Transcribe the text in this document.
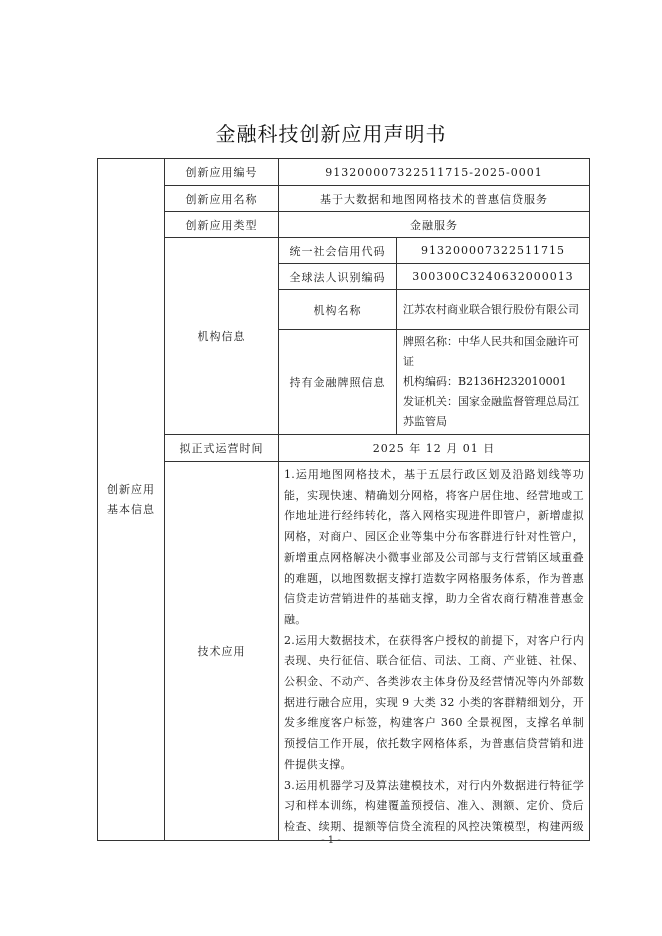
金融科技创新应用声明书
创新应用基本信息	创新应用编号	913200007322511715-2025-0001	
	创新应用名称	基于大数据和地图网格技术的普惠信贷服务	
	创新应用类型	金融服务	
	机构信息	统一社会信用代码	913200007322511715
		全球法人识别编码	300300C3240632000013
		机构名称	江苏农村商业联合银行股份有限公司
		持有金融牌照信息	牌照名称：中华人民共和国金融许可证
机构编码：B2136H232010001
发证机关：国家金融监督管理总局江苏监管局

	拟正式运营时间	2025 年 12 月 01 日	
	技术应用	1.运用地图网格技术，基于五层行政区划及沿路划线等功能，实现快速、精确划分网格，将客户居住地、经营地或工作地址进行经纬转化，落入网格实现进件即管户，新增虚拟网格，对商户、园区企业等集中分布客群进行针对性管户，新增重点网格解决小微事业部及公司部与支行营销区域重叠的难题，以地图数据支撑打造数字网格服务体系，作为普惠信贷走访营销进件的基础支撑，助力全省农商行精准普惠金融。

2.运用大数据技术，在获得客户授权的前提下，对客户行内表现、央行征信、联合征信、司法、工商、产业链、社保、公积金、不动产、各类涉农主体身份及经营情况等内外部数据进行融合应用，实现 9 大类 32 小类的客群精细划分，开发多维度客户标签，构建客户 360 全景视图，支撑名单制预授信工作开展，依托数字网格体系，为普惠信贷营销和进件提供支撑。

3.运用机器学习及算法建模技术，对行内外数据进行特征学习和样本训练，构建覆盖预授信、准入、测额、定价、贷后检查、续期、提额等信贷全流程的风控决策模型，构建两级	

- 1 -
